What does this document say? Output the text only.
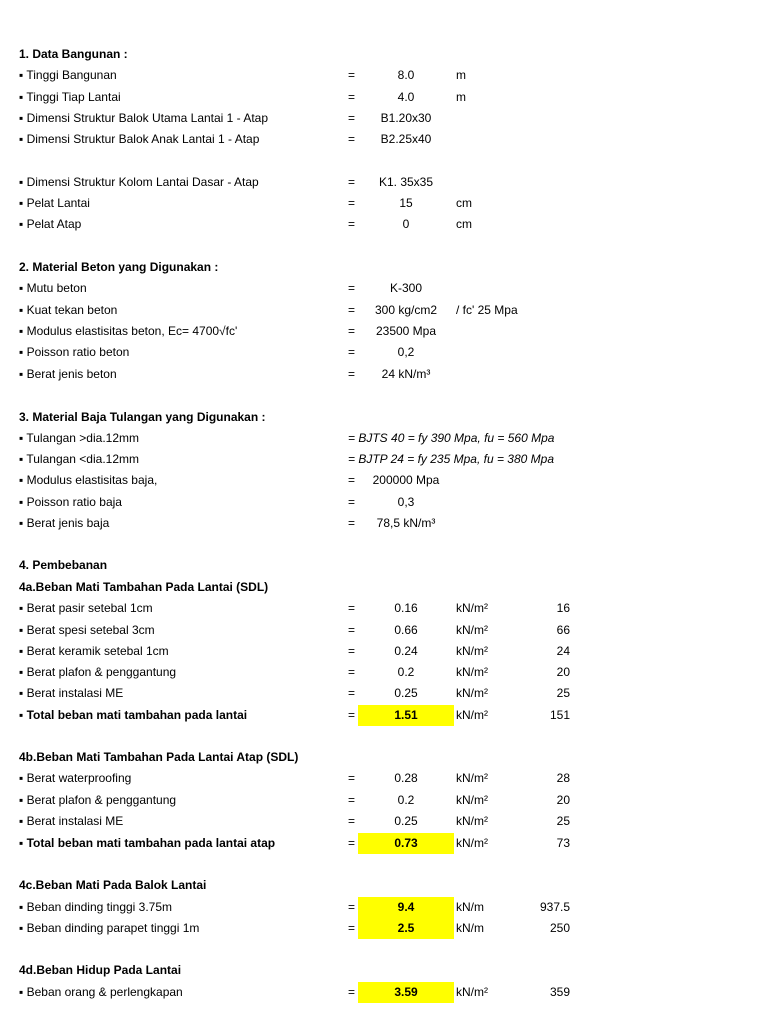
1. Data Bangunan :
▪ Tinggi Bangunan	=	8.0	m
▪ Tinggi Tiap Lantai	=	4.0	m
▪ Dimensi Struktur Balok Utama Lantai 1 - Atap	=	B1.20x30
▪ Dimensi Struktur Balok Anak Lantai 1 - Atap	=	B2.25x40
▪ Dimensi Struktur Kolom Lantai Dasar - Atap	=	K1. 35x35
▪ Pelat Lantai	=	15	cm
▪ Pelat Atap	=	0	cm
2. Material Beton yang Digunakan :
▪ Mutu beton	=	K-300
▪ Kuat tekan beton	=	300 kg/cm2	/ fc' 25 Mpa
▪ Modulus elastisitas beton, Ec= 4700√fc'	=	23500 Mpa
▪ Poisson ratio beton	=	0,2
▪ Berat jenis beton	=	24 kN/m³
3. Material Baja Tulangan yang Digunakan :
▪ Tulangan >dia.12mm	= BJTS 40 = fy 390 Mpa, fu = 560 Mpa
▪ Tulangan <dia.12mm	= BJTP 24 = fy 235 Mpa, fu = 380 Mpa
▪ Modulus elastisitas baja,	=	200000 Mpa
▪ Poisson ratio baja	=	0,3
▪ Berat jenis baja	=	78,5 kN/m³
4. Pembebanan
4a.Beban Mati Tambahan Pada Lantai (SDL)
▪ Berat pasir setebal 1cm	=	0.16	kN/m²	16
▪ Berat spesi setebal 3cm	=	0.66	kN/m²	66
▪ Berat keramik setebal 1cm	=	0.24	kN/m²	24
▪ Berat plafon & penggantung	=	0.2	kN/m²	20
▪ Berat instalasi ME	=	0.25	kN/m²	25
▪ Total beban mati tambahan pada lantai	=	1.51	kN/m²	151
4b.Beban Mati Tambahan Pada Lantai Atap (SDL)
▪ Berat waterproofing	=	0.28	kN/m²	28
▪ Berat plafon & penggantung	=	0.2	kN/m²	20
▪ Berat instalasi ME	=	0.25	kN/m²	25
▪ Total beban mati tambahan pada lantai atap	=	0.73	kN/m²	73
4c.Beban Mati Pada Balok Lantai
▪ Beban dinding tinggi 3.75m	=	9.4	kN/m	937.5
▪ Beban dinding parapet tinggi 1m	=	2.5	kN/m	250
4d.Beban Hidup Pada Lantai
▪ Beban orang & perlengkapan	=	3.59	kN/m²	359
